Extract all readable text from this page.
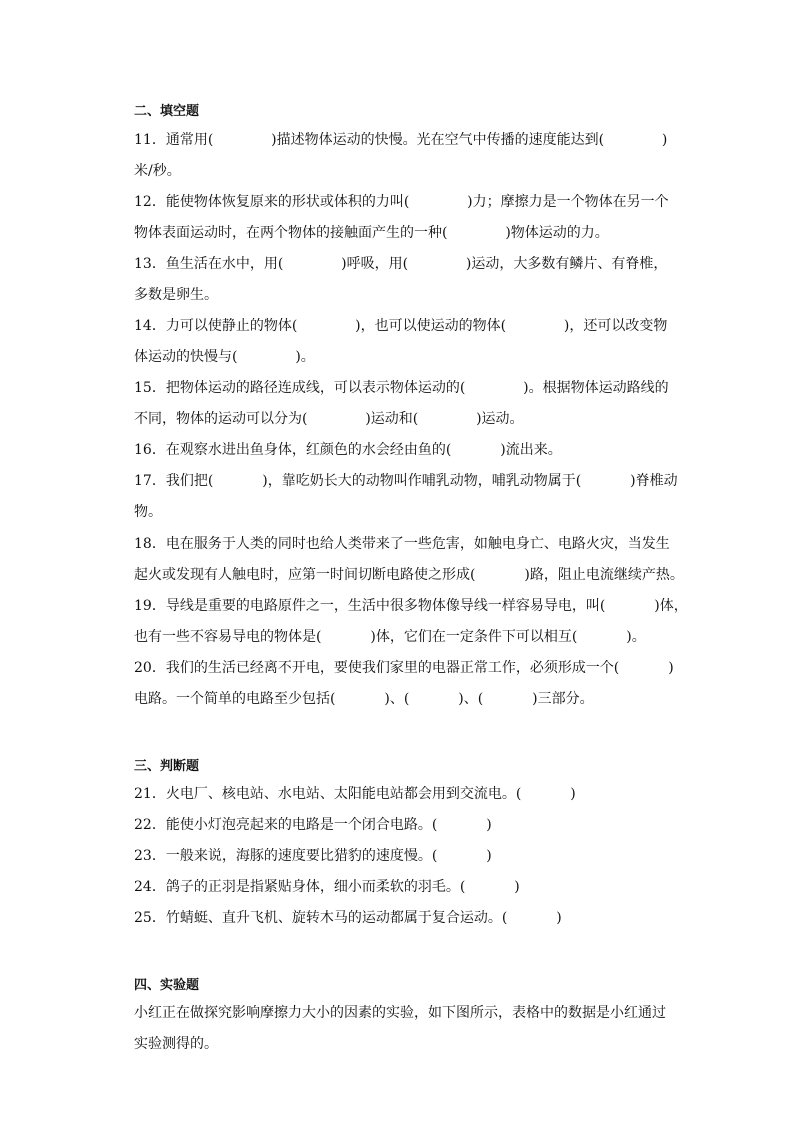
二、填空题
11．通常用(             )描述物体运动的快慢。光在空气中传播的速度能达到(             )
米/秒。
12．能使物体恢复原来的形状或体积的力叫(             )力；摩擦力是一个物体在另一个
物体表面运动时，在两个物体的接触面产生的一种(             )物体运动的力。
13．鱼生活在水中，用(             )呼吸，用(             )运动，大多数有鳞片、有脊椎，
多数是卵生。
14．力可以使静止的物体(             )，也可以使运动的物体(             )，还可以改变物
体运动的快慢与(             )。
15．把物体运动的路径连成线，可以表示物体运动的(             )。根据物体运动路线的
不同，物体的运动可以分为(             )运动和(             )运动。
16．在观察水进出鱼身体，红颜色的水会经由鱼的(           )流出来。
17．我们把(           )，靠吃奶长大的动物叫作哺乳动物，哺乳动物属于(           )脊椎动
物。
18．电在服务于人类的同时也给人类带来了一些危害，如触电身亡、电路火灾，当发生
起火或发现有人触电时，应第一时间切断电路使之形成(           )路，阻止电流继续产热。
19．导线是重要的电路原件之一，生活中很多物体像导线一样容易导电，叫(           )体，
也有一些不容易导电的物体是(           )体，它们在一定条件下可以相互(           )。
20．我们的生活已经离不开电，要使我们家里的电器正常工作，必须形成一个(           )
电路。一个简单的电路至少包括(           )、(           )、(           )三部分。
三、判断题
21．火电厂、核电站、水电站、太阳能电站都会用到交流电。(           )
22．能使小灯泡亮起来的电路是一个闭合电路。(           )
23．一般来说，海豚的速度要比猎豹的速度慢。(           )
24．鸽子的正羽是指紧贴身体，细小而柔软的羽毛。(           )
25．竹蜻蜓、直升飞机、旋转木马的运动都属于复合运动。(           )
四、实验题
小红正在做探究影响摩擦力大小的因素的实验，如下图所示，表格中的数据是小红通过
实验测得的。
